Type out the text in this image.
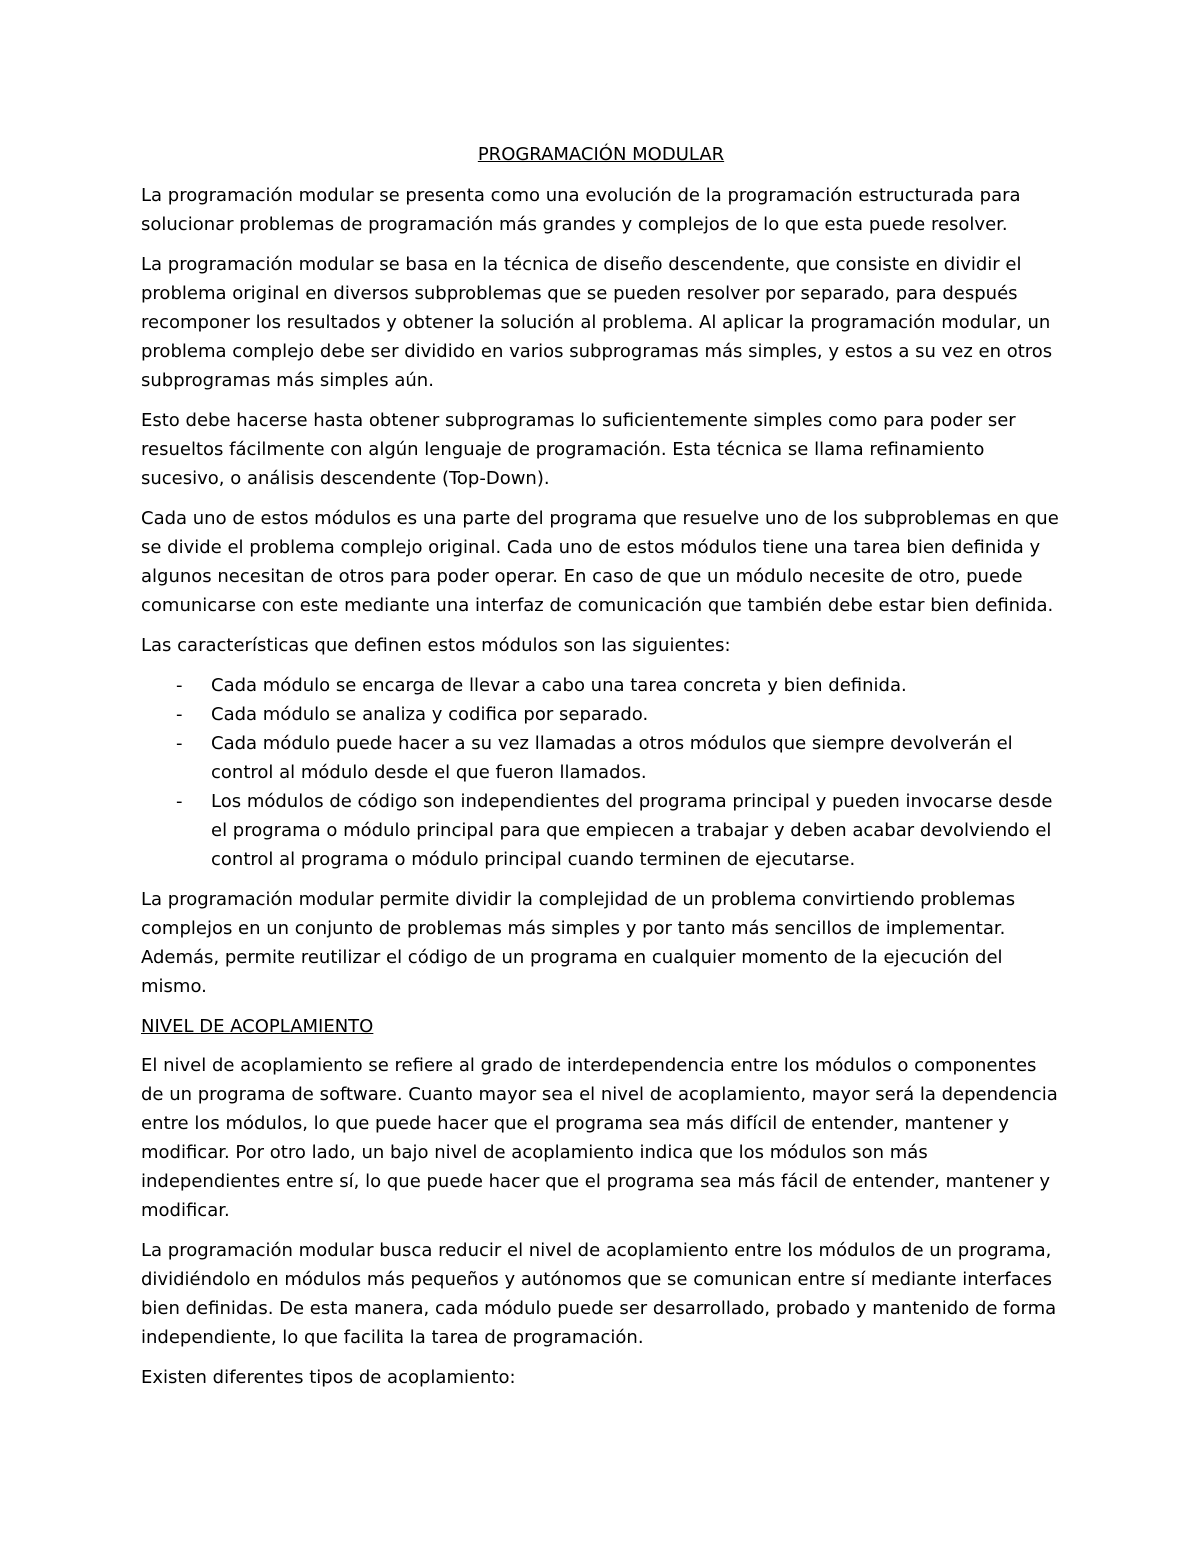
PROGRAMACIÓN MODULAR

La programación modular se presenta como una evolución de la programación estructurada para solucionar problemas de programación más grandes y complejos de lo que esta puede resolver.

La programación modular se basa en la técnica de diseño descendente, que consiste en dividir el problema original en diversos subproblemas que se pueden resolver por separado, para después recomponer los resultados y obtener la solución al problema. Al aplicar la programación modular, un problema complejo debe ser dividido en varios subprogramas más simples, y estos a su vez en otros subprogramas más simples aún.

Esto debe hacerse hasta obtener subprogramas lo suficientemente simples como para poder ser resueltos fácilmente con algún lenguaje de programación. Esta técnica se llama refinamiento sucesivo, o análisis descendente (Top-Down).

Cada uno de estos módulos es una parte del programa que resuelve uno de los subproblemas en que se divide el problema complejo original. Cada uno de estos módulos tiene una tarea bien definida y algunos necesitan de otros para poder operar. En caso de que un módulo necesite de otro, puede comunicarse con este mediante una interfaz de comunicación que también debe estar bien definida.

Las características que definen estos módulos son las siguientes:

- Cada módulo se encarga de llevar a cabo una tarea concreta y bien definida.
- Cada módulo se analiza y codifica por separado.
- Cada módulo puede hacer a su vez llamadas a otros módulos que siempre devolverán el control al módulo desde el que fueron llamados.
- Los módulos de código son independientes del programa principal y pueden invocarse desde el programa o módulo principal para que empiecen a trabajar y deben acabar devolviendo el control al programa o módulo principal cuando terminen de ejecutarse.

La programación modular permite dividir la complejidad de un problema convirtiendo problemas complejos en un conjunto de problemas más simples y por tanto más sencillos de implementar. Además, permite reutilizar el código de un programa en cualquier momento de la ejecución del mismo.

NIVEL DE ACOPLAMIENTO

El nivel de acoplamiento se refiere al grado de interdependencia entre los módulos o componentes de un programa de software. Cuanto mayor sea el nivel de acoplamiento, mayor será la dependencia entre los módulos, lo que puede hacer que el programa sea más difícil de entender, mantener y modificar. Por otro lado, un bajo nivel de acoplamiento indica que los módulos son más independientes entre sí, lo que puede hacer que el programa sea más fácil de entender, mantener y modificar.

La programación modular busca reducir el nivel de acoplamiento entre los módulos de un programa, dividiéndolo en módulos más pequeños y autónomos que se comunican entre sí mediante interfaces bien definidas. De esta manera, cada módulo puede ser desarrollado, probado y mantenido de forma independiente, lo que facilita la tarea de programación.

Existen diferentes tipos de acoplamiento:
